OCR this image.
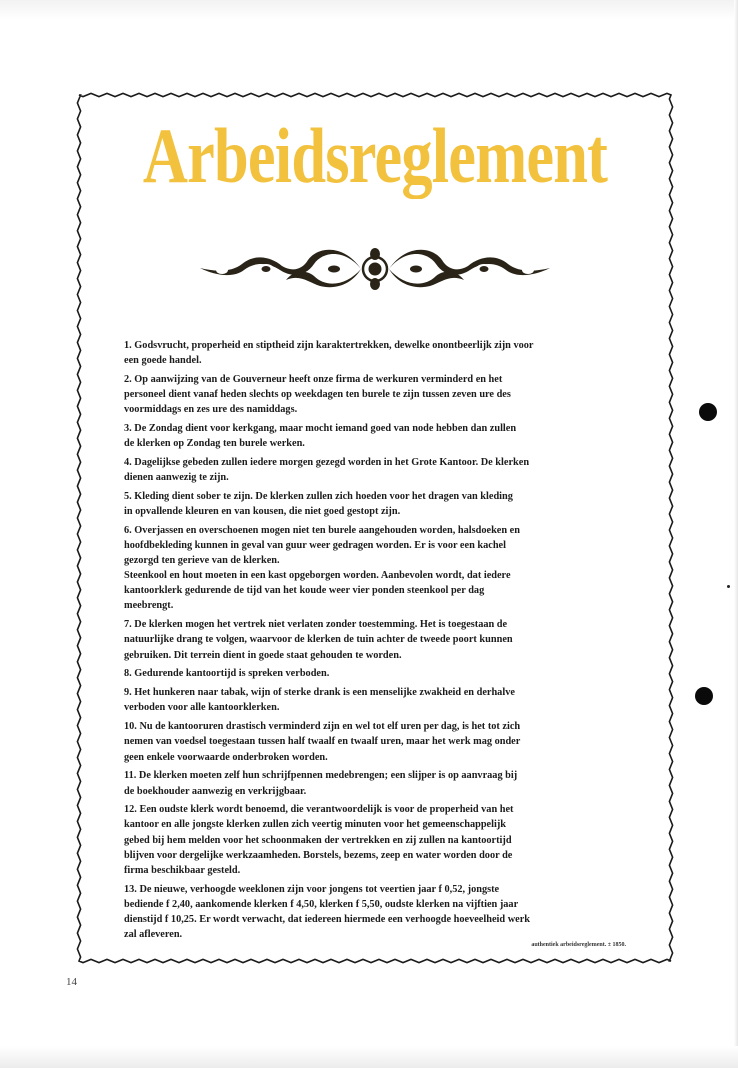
Arbeidsreglement
1. Godsvrucht, properheid en stiptheid zijn karaktertrekken, dewelke onontbeerlijk zijn voor
een goede handel.
2. Op aanwijzing van de Gouverneur heeft onze firma de werkuren verminderd en het
personeel dient vanaf heden slechts op weekdagen ten burele te zijn tussen zeven ure des
voormiddags en zes ure des namiddags.
3. De Zondag dient voor kerkgang, maar mocht iemand goed van node hebben dan zullen
de klerken op Zondag ten burele werken.
4. Dagelijkse gebeden zullen iedere morgen gezegd worden in het Grote Kantoor. De klerken
dienen aanwezig te zijn.
5. Kleding dient sober te zijn. De klerken zullen zich hoeden voor het dragen van kleding
in opvallende kleuren en van kousen, die niet goed gestopt zijn.
6. Overjassen en overschoenen mogen niet ten burele aangehouden worden, halsdoeken en
hoofdbekleding kunnen in geval van guur weer gedragen worden. Er is voor een kachel
gezorgd ten gerieve van de klerken.
Steenkool en hout moeten in een kast opgeborgen worden. Aanbevolen wordt, dat iedere
kantoorklerk gedurende de tijd van het koude weer vier ponden steenkool per dag
meebrengt.
7. De klerken mogen het vertrek niet verlaten zonder toestemming. Het is toegestaan de
natuurlijke drang te volgen, waarvoor de klerken de tuin achter de tweede poort kunnen
gebruiken. Dit terrein dient in goede staat gehouden te worden.
8. Gedurende kantoortijd is spreken verboden.
9. Het hunkeren naar tabak, wijn of sterke drank is een menselijke zwakheid en derhalve
verboden voor alle kantoorklerken.
10. Nu de kantooruren drastisch verminderd zijn en wel tot elf uren per dag, is het tot zich
nemen van voedsel toegestaan tussen half twaalf en twaalf uren, maar het werk mag onder
geen enkele voorwaarde onderbroken worden.
11. De klerken moeten zelf hun schrijfpennen medebrengen; een slijper is op aanvraag bij
de boekhouder aanwezig en verkrijgbaar.
12. Een oudste klerk wordt benoemd, die verantwoordelijk is voor de properheid van het
kantoor en alle jongste klerken zullen zich veertig minuten voor het gemeenschappelijk
gebed bij hem melden voor het schoonmaken der vertrekken en zij zullen na kantoortijd
blijven voor dergelijke werkzaamheden. Borstels, bezems, zeep en water worden door de
firma beschikbaar gesteld.
13. De nieuwe, verhoogde weeklonen zijn voor jongens tot veertien jaar f 0,52, jongste
bediende f 2,40, aankomende klerken f 4,50, klerken f 5,50, oudste klerken na vijftien jaar
dienstijd f 10,25. Er wordt verwacht, dat iedereen hiermede een verhoogde hoeveelheid werk
zal afleveren.
authentiek arbeidsreglement. ± 1850.
14
